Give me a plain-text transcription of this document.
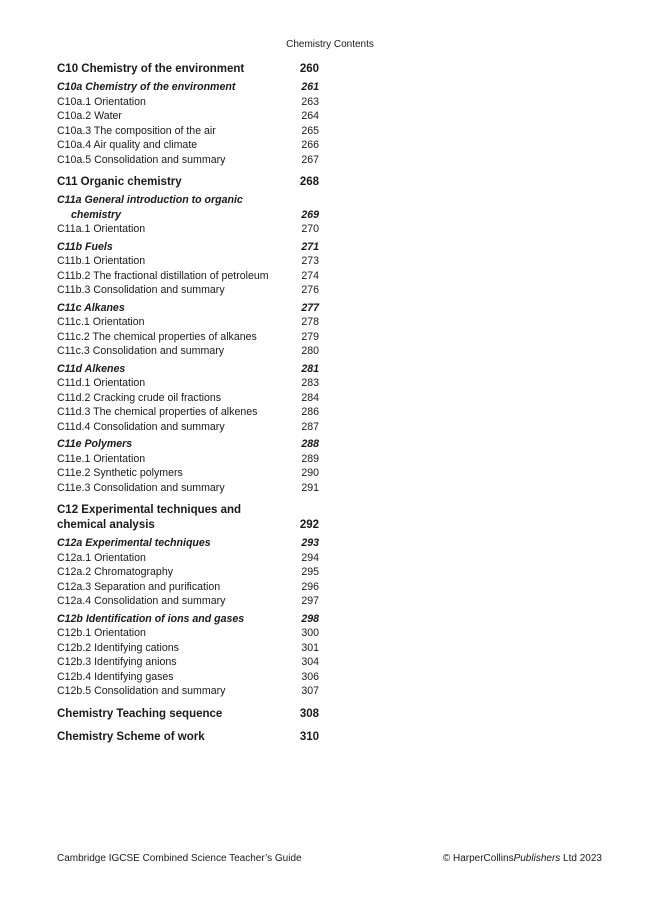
Chemistry Contents
C10 Chemistry of the environment	260
C10a Chemistry of the environment	261
C10a.1 Orientation	263
C10a.2 Water	264
C10a.3 The composition of the air	265
C10a.4 Air quality and climate	266
C10a.5 Consolidation and summary	267
C11 Organic chemistry	268
C11a General introduction to organic chemistry	269
C11a.1 Orientation	270
C11b Fuels	271
C11b.1 Orientation	273
C11b.2 The fractional distillation of petroleum	274
C11b.3 Consolidation and summary	276
C11c Alkanes	277
C11c.1 Orientation	278
C11c.2 The chemical properties of alkanes	279
C11c.3 Consolidation and summary	280
C11d Alkenes	281
C11d.1 Orientation	283
C11d.2 Cracking crude oil fractions	284
C11d.3 The chemical properties of alkenes	286
C11d.4 Consolidation and summary	287
C11e Polymers	288
C11e.1 Orientation	289
C11e.2 Synthetic polymers	290
C11e.3 Consolidation and summary	291
C12 Experimental techniques and chemical analysis	292
C12a Experimental techniques	293
C12a.1 Orientation	294
C12a.2 Chromatography	295
C12a.3 Separation and purification	296
C12a.4 Consolidation and summary	297
C12b Identification of ions and gases	298
C12b.1 Orientation	300
C12b.2 Identifying cations	301
C12b.3 Identifying anions	304
C12b.4 Identifying gases	306
C12b.5 Consolidation and summary	307
Chemistry Teaching sequence	308
Chemistry Scheme of work	310
Cambridge IGCSE Combined Science Teacher’s Guide	© HarperCollinsPublishers Ltd 2023
